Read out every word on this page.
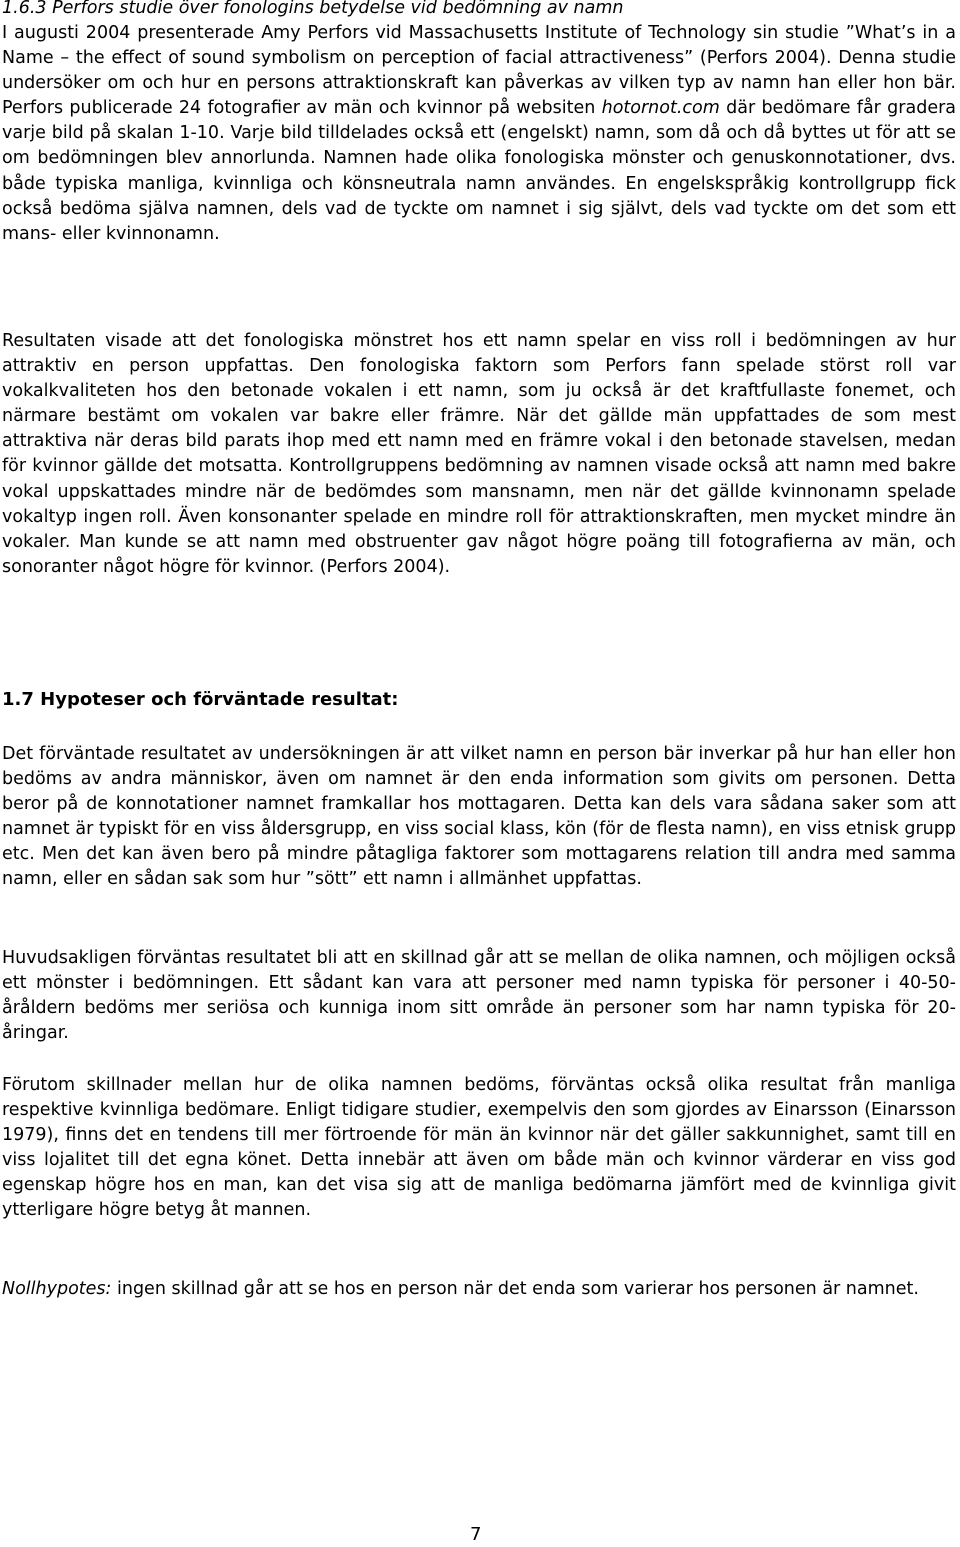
1.6.3 Perfors studie över fonologins betydelse vid bedömning av namn

I augusti 2004 presenterade Amy Perfors vid Massachusetts Institute of Technology sin studie ”What’s in a Name – the effect of sound symbolism on perception of facial attractiveness” (Perfors 2004). Denna studie undersöker om och hur en persons attraktionskraft kan påverkas av vilken typ av namn han eller hon bär. Perfors publicerade 24 fotografier av män och kvinnor på websiten hotornot.com där bedömare får gradera varje bild på skalan 1-10. Varje bild tilldelades också ett (engelskt) namn, som då och då byttes ut för att se om bedömningen blev annorlunda. Namnen hade olika fonologiska mönster och genuskonnotationer, dvs. både typiska manliga, kvinnliga och könsneutrala namn användes. En engelskspråkig kontrollgrupp fick också bedöma själva namnen, dels vad de tyckte om namnet i sig självt, dels vad tyckte om det som ett mans- eller kvinnonamn.

Resultaten visade att det fonologiska mönstret hos ett namn spelar en viss roll i bedömningen av hur attraktiv en person uppfattas. Den fonologiska faktorn som Perfors fann spelade störst roll var vokalkvaliteten hos den betonade vokalen i ett namn, som ju också är det kraftfullaste fonemet, och närmare bestämt om vokalen var bakre eller främre. När det gällde män uppfattades de som mest attraktiva när deras bild parats ihop med ett namn med en främre vokal i den betonade stavelsen, medan för kvinnor gällde det motsatta. Kontrollgruppens bedömning av namnen visade också att namn med bakre vokal uppskattades mindre när de bedömdes som mansnamn, men när det gällde kvinnonamn spelade vokaltyp ingen roll. Även konsonanter spelade en mindre roll för attraktionskraften, men mycket mindre än vokaler. Man kunde se att namn med obstruenter gav något högre poäng till fotografierna av män, och sonoranter något högre för kvinnor. (Perfors 2004).

1.7 Hypoteser och förväntade resultat:

Det förväntade resultatet av undersökningen är att vilket namn en person bär inverkar på hur han eller hon bedöms av andra människor, även om namnet är den enda information som givits om personen. Detta beror på de konnotationer namnet framkallar hos mottagaren. Detta kan dels vara sådana saker som att namnet är typiskt för en viss åldersgrupp, en viss social klass, kön (för de flesta namn), en viss etnisk grupp etc. Men det kan även bero på mindre påtagliga faktorer som mottagarens relation till andra med samma namn, eller en sådan sak som hur ”sött” ett namn i allmänhet uppfattas.

Huvudsakligen förväntas resultatet bli att en skillnad går att se mellan de olika namnen, och möjligen också ett mönster i bedömningen. Ett sådant kan vara att personer med namn typiska för personer i 40-50-åråldern bedöms mer seriösa och kunniga inom sitt område än personer som har namn typiska för 20-åringar.

Förutom skillnader mellan hur de olika namnen bedöms, förväntas också olika resultat från manliga respektive kvinnliga bedömare. Enligt tidigare studier, exempelvis den som gjordes av Einarsson (Einarsson 1979), finns det en tendens till mer förtroende för män än kvinnor när det gäller sakkunnighet, samt till en viss lojalitet till det egna könet. Detta innebär att även om både män och kvinnor värderar en viss god egenskap högre hos en man, kan det visa sig att de manliga bedömarna jämfört med de kvinnliga givit ytterligare högre betyg åt mannen.

Nollhypotes: ingen skillnad går att se hos en person när det enda som varierar hos personen är namnet.

7
